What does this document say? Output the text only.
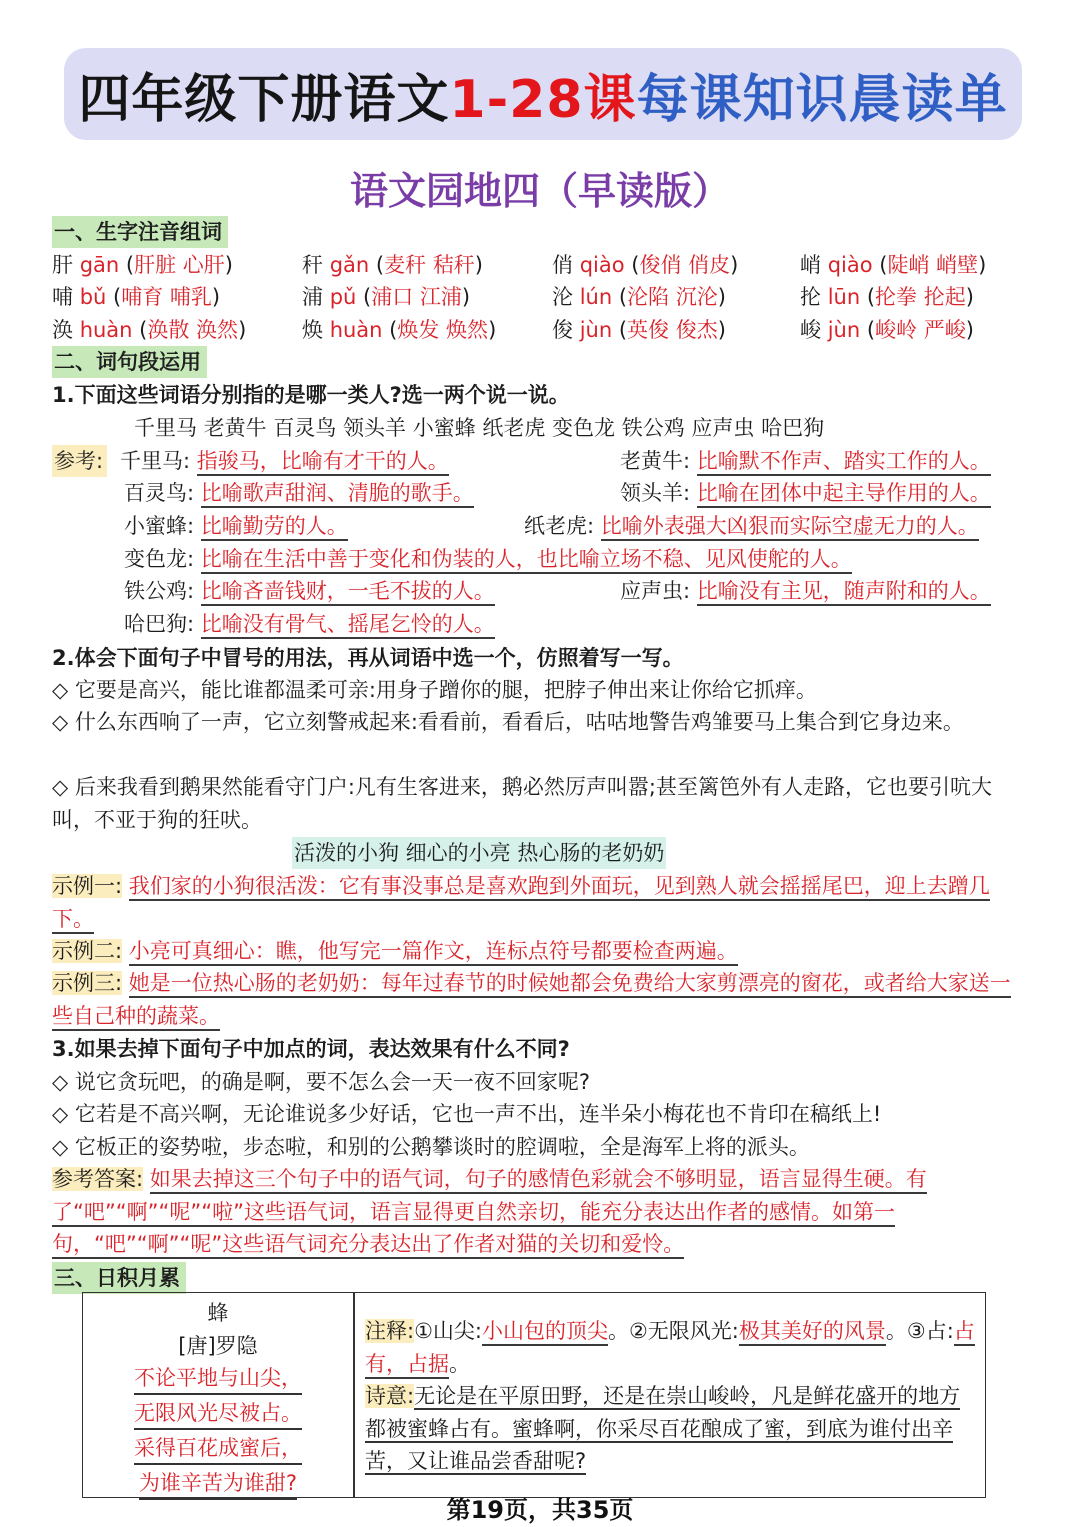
四年级下册语文 1-28课 每课知识晨读单
语文园地四（早读版）
一、生字注音组词
肝 gān (肝脏 心肝)	秆 gǎn (麦秆 秸秆)	俏 qiào (俊俏 俏皮)	峭 qiào (陡峭 峭壁)
哺 bǔ (哺育 哺乳)	浦 pǔ (浦口 江浦)	沦 lún (沦陷 沉沦)	抡 lūn (抡拳 抡起)
涣 huàn (涣散 涣然)	焕 huàn (焕发 焕然)	俊 jùn (英俊 俊杰)	峻 jùn (峻岭 严峻)
二、词句段运用
1.下面这些词语分别指的是哪一类人?选一两个说一说。
千里马 老黄牛 百灵鸟 领头羊 小蜜蜂 纸老虎 变色龙 铁公鸡 应声虫 哈巴狗
参考: 千里马: 指骏马，比喻有才干的人。	老黄牛: 比喻默不作声、踏实工作的人。
百灵鸟: 比喻歌声甜润、清脆的歌手。	领头羊: 比喻在团体中起主导作用的人。
小蜜蜂: 比喻勤劳的人。	纸老虎: 比喻外表强大凶狠而实际空虚无力的人。
变色龙: 比喻在生活中善于变化和伪装的人，也比喻立场不稳、见风使舵的人。
铁公鸡: 比喻吝啬钱财，一毛不拔的人。	应声虫: 比喻没有主见，随声附和的人。
哈巴狗: 比喻没有骨气、摇尾乞怜的人。
2.体会下面句子中冒号的用法，再从词语中选一个，仿照着写一写。
◇ 它要是高兴，能比谁都温柔可亲:用身子蹭你的腿，把脖子伸出来让你给它抓痒。
◇ 什么东西响了一声，它立刻警戒起来:看看前，看看后，咕咕地警告鸡雏要马上集合到它身边来。
◇ 后来我看到鹅果然能看守门户:凡有生客进来，鹅必然厉声叫嚣;甚至篱笆外有人走路，它也要引吭大叫，不亚于狗的狂吠。
活泼的小狗 细心的小亮 热心肠的老奶奶
示例一: 我们家的小狗很活泼：它有事没事总是喜欢跑到外面玩，见到熟人就会摇摇尾巴，迎上去蹭几下。
示例二: 小亮可真细心：瞧，他写完一篇作文，连标点符号都要检查两遍。
示例三: 她是一位热心肠的老奶奶：每年过春节的时候她都会免费给大家剪漂亮的窗花，或者给大家送一些自己种的蔬菜。
3.如果去掉下面句子中加点的词，表达效果有什么不同?
◇ 说它贪玩吧，的确是啊，要不怎么会一天一夜不回家呢?
◇ 它若是不高兴啊，无论谁说多少好话，它也一声不出，连半朵小梅花也不肯印在稿纸上!
◇ 它板正的姿势啦，步态啦，和别的公鹅攀谈时的腔调啦，全是海军上将的派头。
参考答案: 如果去掉这三个句子中的语气词，句子的感情色彩就会不够明显，语言显得生硬。有了“吧”“啊”“呢”“啦”这些语气词，语言显得更自然亲切，能充分表达出作者的感情。如第一句，“吧”“啊”“呢”这些语气词充分表达出了作者对猫的关切和爱怜。
三、日积月累
蜂
[唐]罗隐
不论平地与山尖，
无限风光尽被占。
采得百花成蜜后，
为谁辛苦为谁甜?
注释:①山尖:小山包的顶尖。②无限风光:极其美好的风景。③占:占有，占据。
诗意:无论是在平原田野，还是在崇山峻岭，凡是鲜花盛开的地方都被蜜蜂占有。蜜蜂啊，你采尽百花酿成了蜜，到底为谁付出辛苦，又让谁品尝香甜呢?
第19页，共35页
